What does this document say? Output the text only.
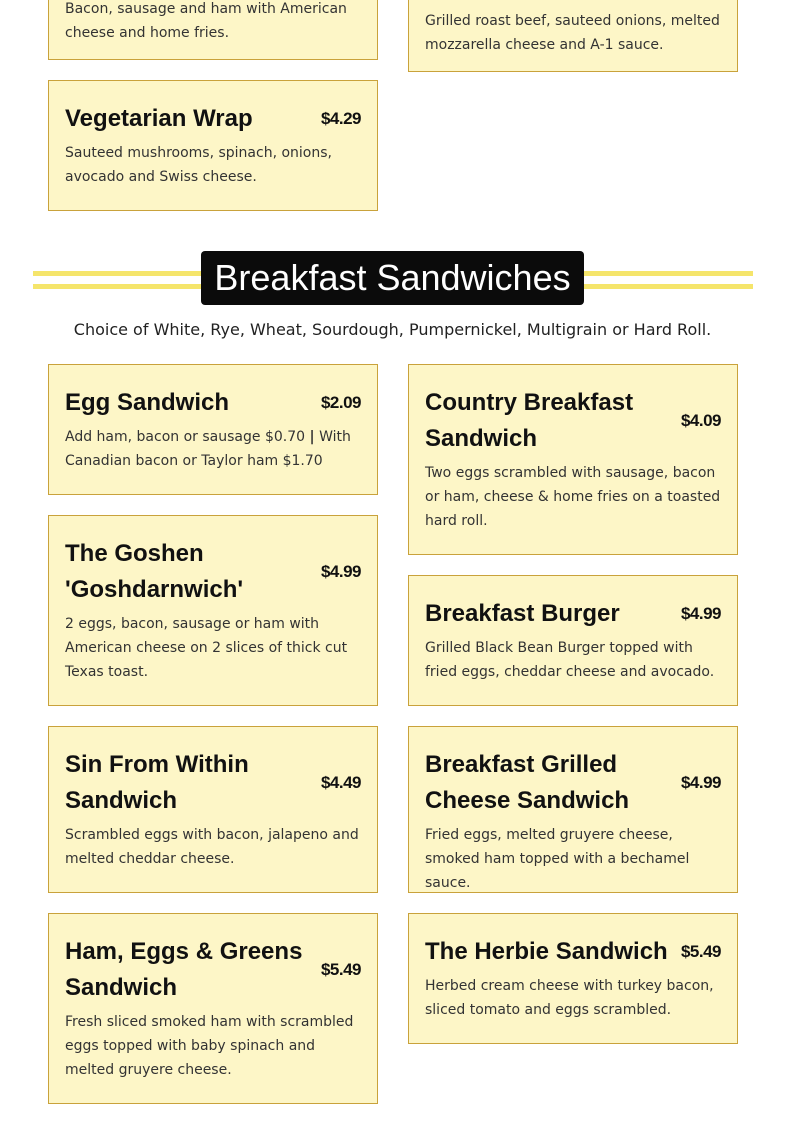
Bacon, sausage and ham with American cheese and home fries.

Grilled roast beef, sauteed onions, melted mozzarella cheese and A-1 sauce.

Vegetarian Wrap	$4.29

Sauteed mushrooms, spinach, onions, avocado and Swiss cheese.

Breakfast Sandwiches
Choice of White, Rye, Wheat, Sourdough, Pumpernickel, Multigrain or Hard Roll.
Egg Sandwich	$2.09

Add ham, bacon or sausage $0.70 | With Canadian bacon or Taylor ham $1.70

The Goshen 'Goshdarnwich'
$4.99

2 eggs, bacon, sausage or ham with American cheese on 2 slices of thick cut Texas toast.

Sin From Within Sandwich
$4.49

Scrambled eggs with bacon, jalapeno and melted cheddar cheese.

Ham, Eggs & Greens Sandwich
$5.49

Fresh sliced smoked ham with scrambled eggs topped with baby spinach and melted gruyere cheese.

Country Breakfast Sandwich
$4.09

Two eggs scrambled with sausage, bacon or ham, cheese & home fries on a toasted hard roll.

Breakfast Burger	$4.99

Grilled Black Bean Burger topped with fried eggs, cheddar cheese and avocado.

Breakfast Grilled Cheese Sandwich
$4.99

Fried eggs, melted gruyere cheese, smoked ham topped with a bechamel sauce.

The Herbie Sandwich $5.49

Herbed cream cheese with turkey bacon, sliced tomato and eggs scrambled.
